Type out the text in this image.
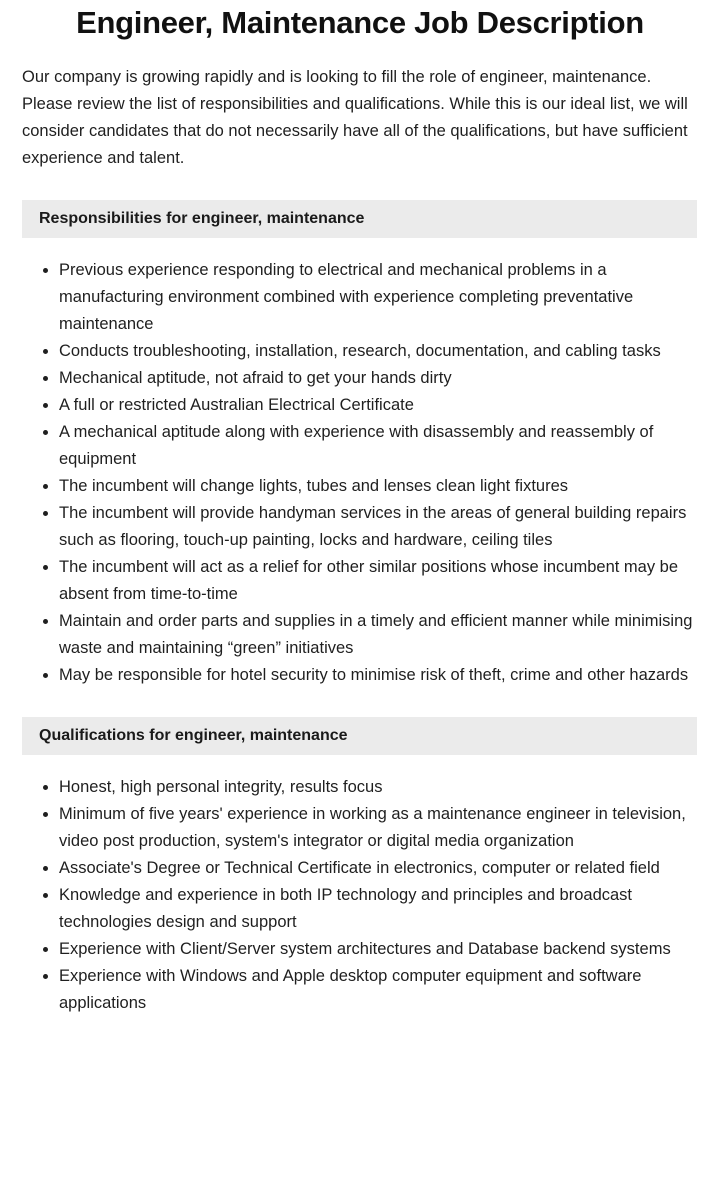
Engineer, Maintenance Job Description

Our company is growing rapidly and is looking to fill the role of engineer, maintenance. Please review the list of responsibilities and qualifications. While this is our ideal list, we will consider candidates that do not necessarily have all of the qualifications, but have sufficient experience and talent.

Responsibilities for engineer, maintenance
Previous experience responding to electrical and mechanical problems in a manufacturing environment combined with experience completing preventative maintenance
Conducts troubleshooting, installation, research, documentation, and cabling tasks
Mechanical aptitude, not afraid to get your hands dirty
A full or restricted Australian Electrical Certificate
A mechanical aptitude along with experience with disassembly and reassembly of equipment
The incumbent will change lights, tubes and lenses clean light fixtures
The incumbent will provide handyman services in the areas of general building repairs such as flooring, touch-up painting, locks and hardware, ceiling tiles
The incumbent will act as a relief for other similar positions whose incumbent may be absent from time-to-time
Maintain and order parts and supplies in a timely and efficient manner while minimising waste and maintaining “green” initiatives
May be responsible for hotel security to minimise risk of theft, crime and other hazards
Qualifications for engineer, maintenance
Honest, high personal integrity, results focus
Minimum of five years' experience in working as a maintenance engineer in television, video post production, system's integrator or digital media organization
Associate's Degree or Technical Certificate in electronics, computer or related field
Knowledge and experience in both IP technology and principles and broadcast technologies design and support
Experience with Client/Server system architectures and Database backend systems
Experience with Windows and Apple desktop computer equipment and software applications
